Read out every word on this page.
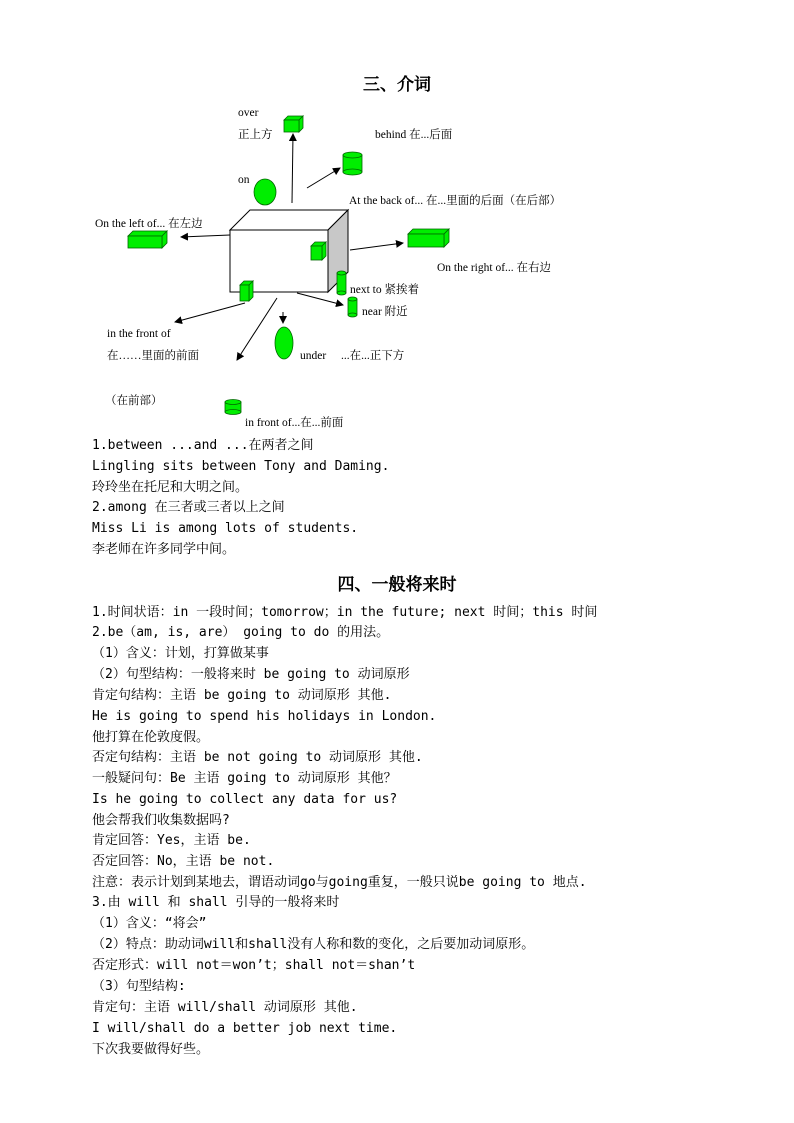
三、介词
over
正上方	behind 在...后面
on
At the back of... 在...里面的后面（在后部）
On the left of... 在左边
On the right of... 在右边
next to 紧挨着
near 附近
in the front of
在……里面的前面	under ...在...正下方
（在前部）
in front of...在...前面
1.between ...and ...在两者之间
Lingling sits between Tony and Daming.
玲玲坐在托尼和大明之间。
2.among 在三者或三者以上之间
Miss Li is among lots of students.
李老师在许多同学中间。
四、一般将来时
1.时间状语：in 一段时间；tomorrow；in the future; next 时间；this 时间
2.be（am, is, are） going to do 的用法。
（1）含义：计划，打算做某事
（2）句型结构：一般将来时 be going to 动词原形
肯定句结构：主语 be going to 动词原形 其他.
He is going to spend his holidays in London.
他打算在伦敦度假。
否定句结构：主语 be not going to 动词原形 其他.
一般疑问句：Be 主语 going to 动词原形 其他？
Is he going to collect any data for us?
他会帮我们收集数据吗?
肯定回答：Yes，主语 be.
否定回答：No，主语 be not.
注意：表示计划到某地去，谓语动词go与going重复，一般只说be going to 地点.
3.由 will 和 shall 引导的一般将来时
（1）含义：“将会”
（2）特点：助动词will和shall没有人称和数的变化，之后要加动词原形。
否定形式：will not＝won’t；shall not＝shan’t
（3）句型结构:
肯定句：主语 will/shall 动词原形 其他.
I will/shall do a better job next time.
下次我要做得好些。
